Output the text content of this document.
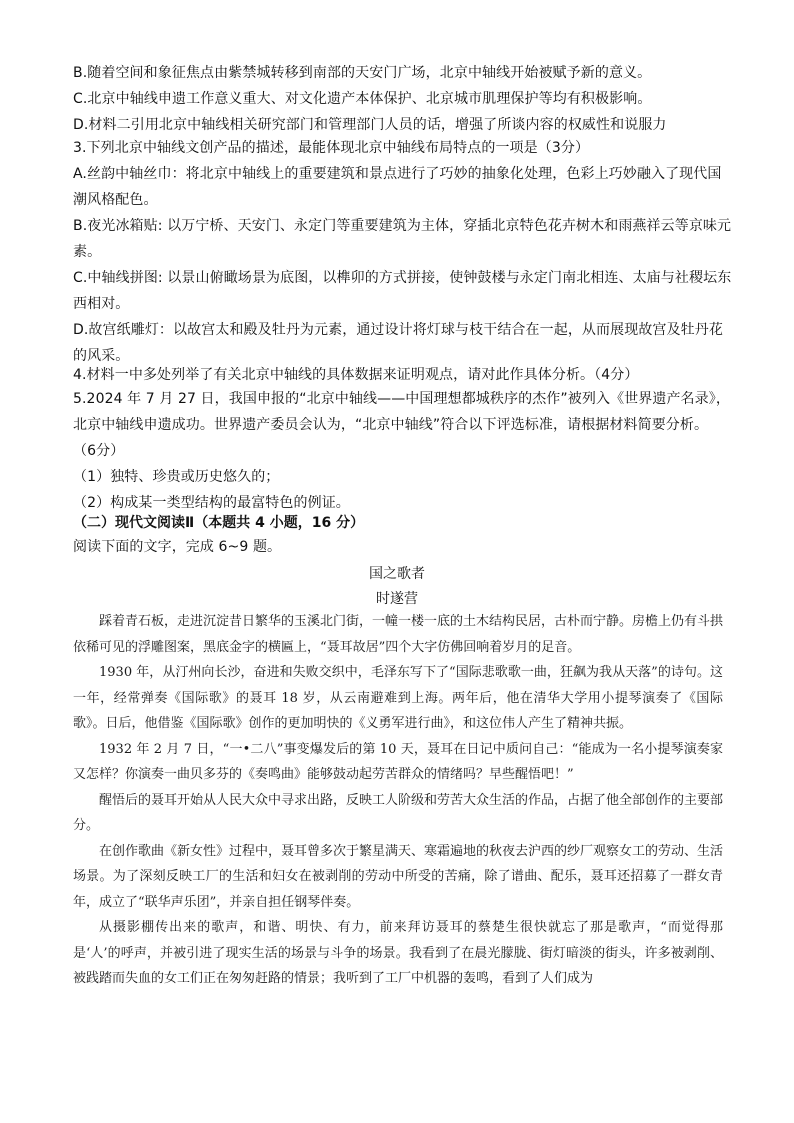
B.随着空间和象征焦点由紫禁城转移到南部的天安门广场，北京中轴线开始被赋予新的意义。
C.北京中轴线申遗工作意义重大、对文化遗产本体保护、北京城市肌理保护等均有积极影响。
D.材料二引用北京中轴线相关研究部门和管理部门人员的话，增强了所谈内容的权威性和说服力
3.下列北京中轴线文创产品的描述，最能体现北京中轴线布局特点的一项是（3分）
A.丝韵中轴丝巾：将北京中轴线上的重要建筑和景点进行了巧妙的抽象化处理，色彩上巧妙融入了现代国
潮风格配色。
B.夜光冰箱贴: 以万宁桥、天安门、永定门等重要建筑为主体，穿插北京特色花卉树木和雨燕祥云等京味元
素。
C.中轴线拼图: 以景山俯瞰场景为底图，以榫卯的方式拼接，使钟鼓楼与永定门南北相连、太庙与社稷坛东
西相对。
D.故宫纸雕灯：以故宫太和殿及牡丹为元素，通过设计将灯球与枝干结合在一起，从而展现故宫及牡丹花
的风采。
4.材料一中多处列举了有关北京中轴线的具体数据来证明观点，请对此作具体分析。（4分）
5.2024 年 7 月 27 日，我国申报的“北京中轴线——中国理想都城秩序的杰作”被列入《世界遗产名录》，
北京中轴线申遗成功。世界遗产委员会认为，“北京中轴线”符合以下评选标准，请根据材料简要分析。
（6分）
（1）独特、珍贵或历史悠久的；
（2）构成某一类型结构的最富特色的例证。
（二）现代文阅读Ⅱ（本题共 4 小题，16 分）
阅读下面的文字，完成 6~9 题。
国之歌者
时遂营

踩着青石板，走进沉淀昔日繁华的玉溪北门街，一幢一楼一底的土木结构民居，古朴而宁静。房檐上仍有斗拱依稀可见的浮雕图案，黑底金字的横匾上，“聂耳故居”四个大字仿佛回响着岁月的足音。

1930 年，从汀州向长沙，奋进和失败交织中，毛泽东写下了“国际悲歌歌一曲，狂飙为我从天落”的诗句。这一年，经常弹奏《国际歌》的聂耳 18 岁，从云南避难到上海。两年后，他在清华大学用小提琴演奏了《国际歌》。日后，他借鉴《国际歌》创作的更加明快的《义勇军进行曲》，和这位伟人产生了精神共振。

1932 年 2 月 7 日，“一•二八”事变爆发后的第 10 天，聂耳在日记中质问自己：“能成为一名小提琴演奏家又怎样？你演奏一曲贝多芬的《奏鸣曲》能够鼓动起劳苦群众的情绪吗？早些醒悟吧！”

醒悟后的聂耳开始从人民大众中寻求出路，反映工人阶级和劳苦大众生活的作品，占据了他全部创作的主要部分。

在创作歌曲《新女性》过程中，聂耳曾多次于繁星满天、寒霜遍地的秋夜去沪西的纱厂观察女工的劳动、生活场景。为了深刻反映工厂的生活和妇女在被剥削的劳动中所受的苦痛，除了谱曲、配乐，聂耳还招募了一群女青年，成立了“联华声乐团”，并亲自担任钢琴伴奏。

从摄影棚传出来的歌声，和谐、明快、有力，前来拜访聂耳的蔡楚生很快就忘了那是歌声，“而觉得那是‘人’的呼声，并被引进了现实生活的场景与斗争的场景。我看到了在晨光朦胧、街灯暗淡的街头，许多被剥削、被践踏而失血的女工们正在匆匆赶路的情景；我听到了工厂中机器的轰鸣，看到了人们成为
